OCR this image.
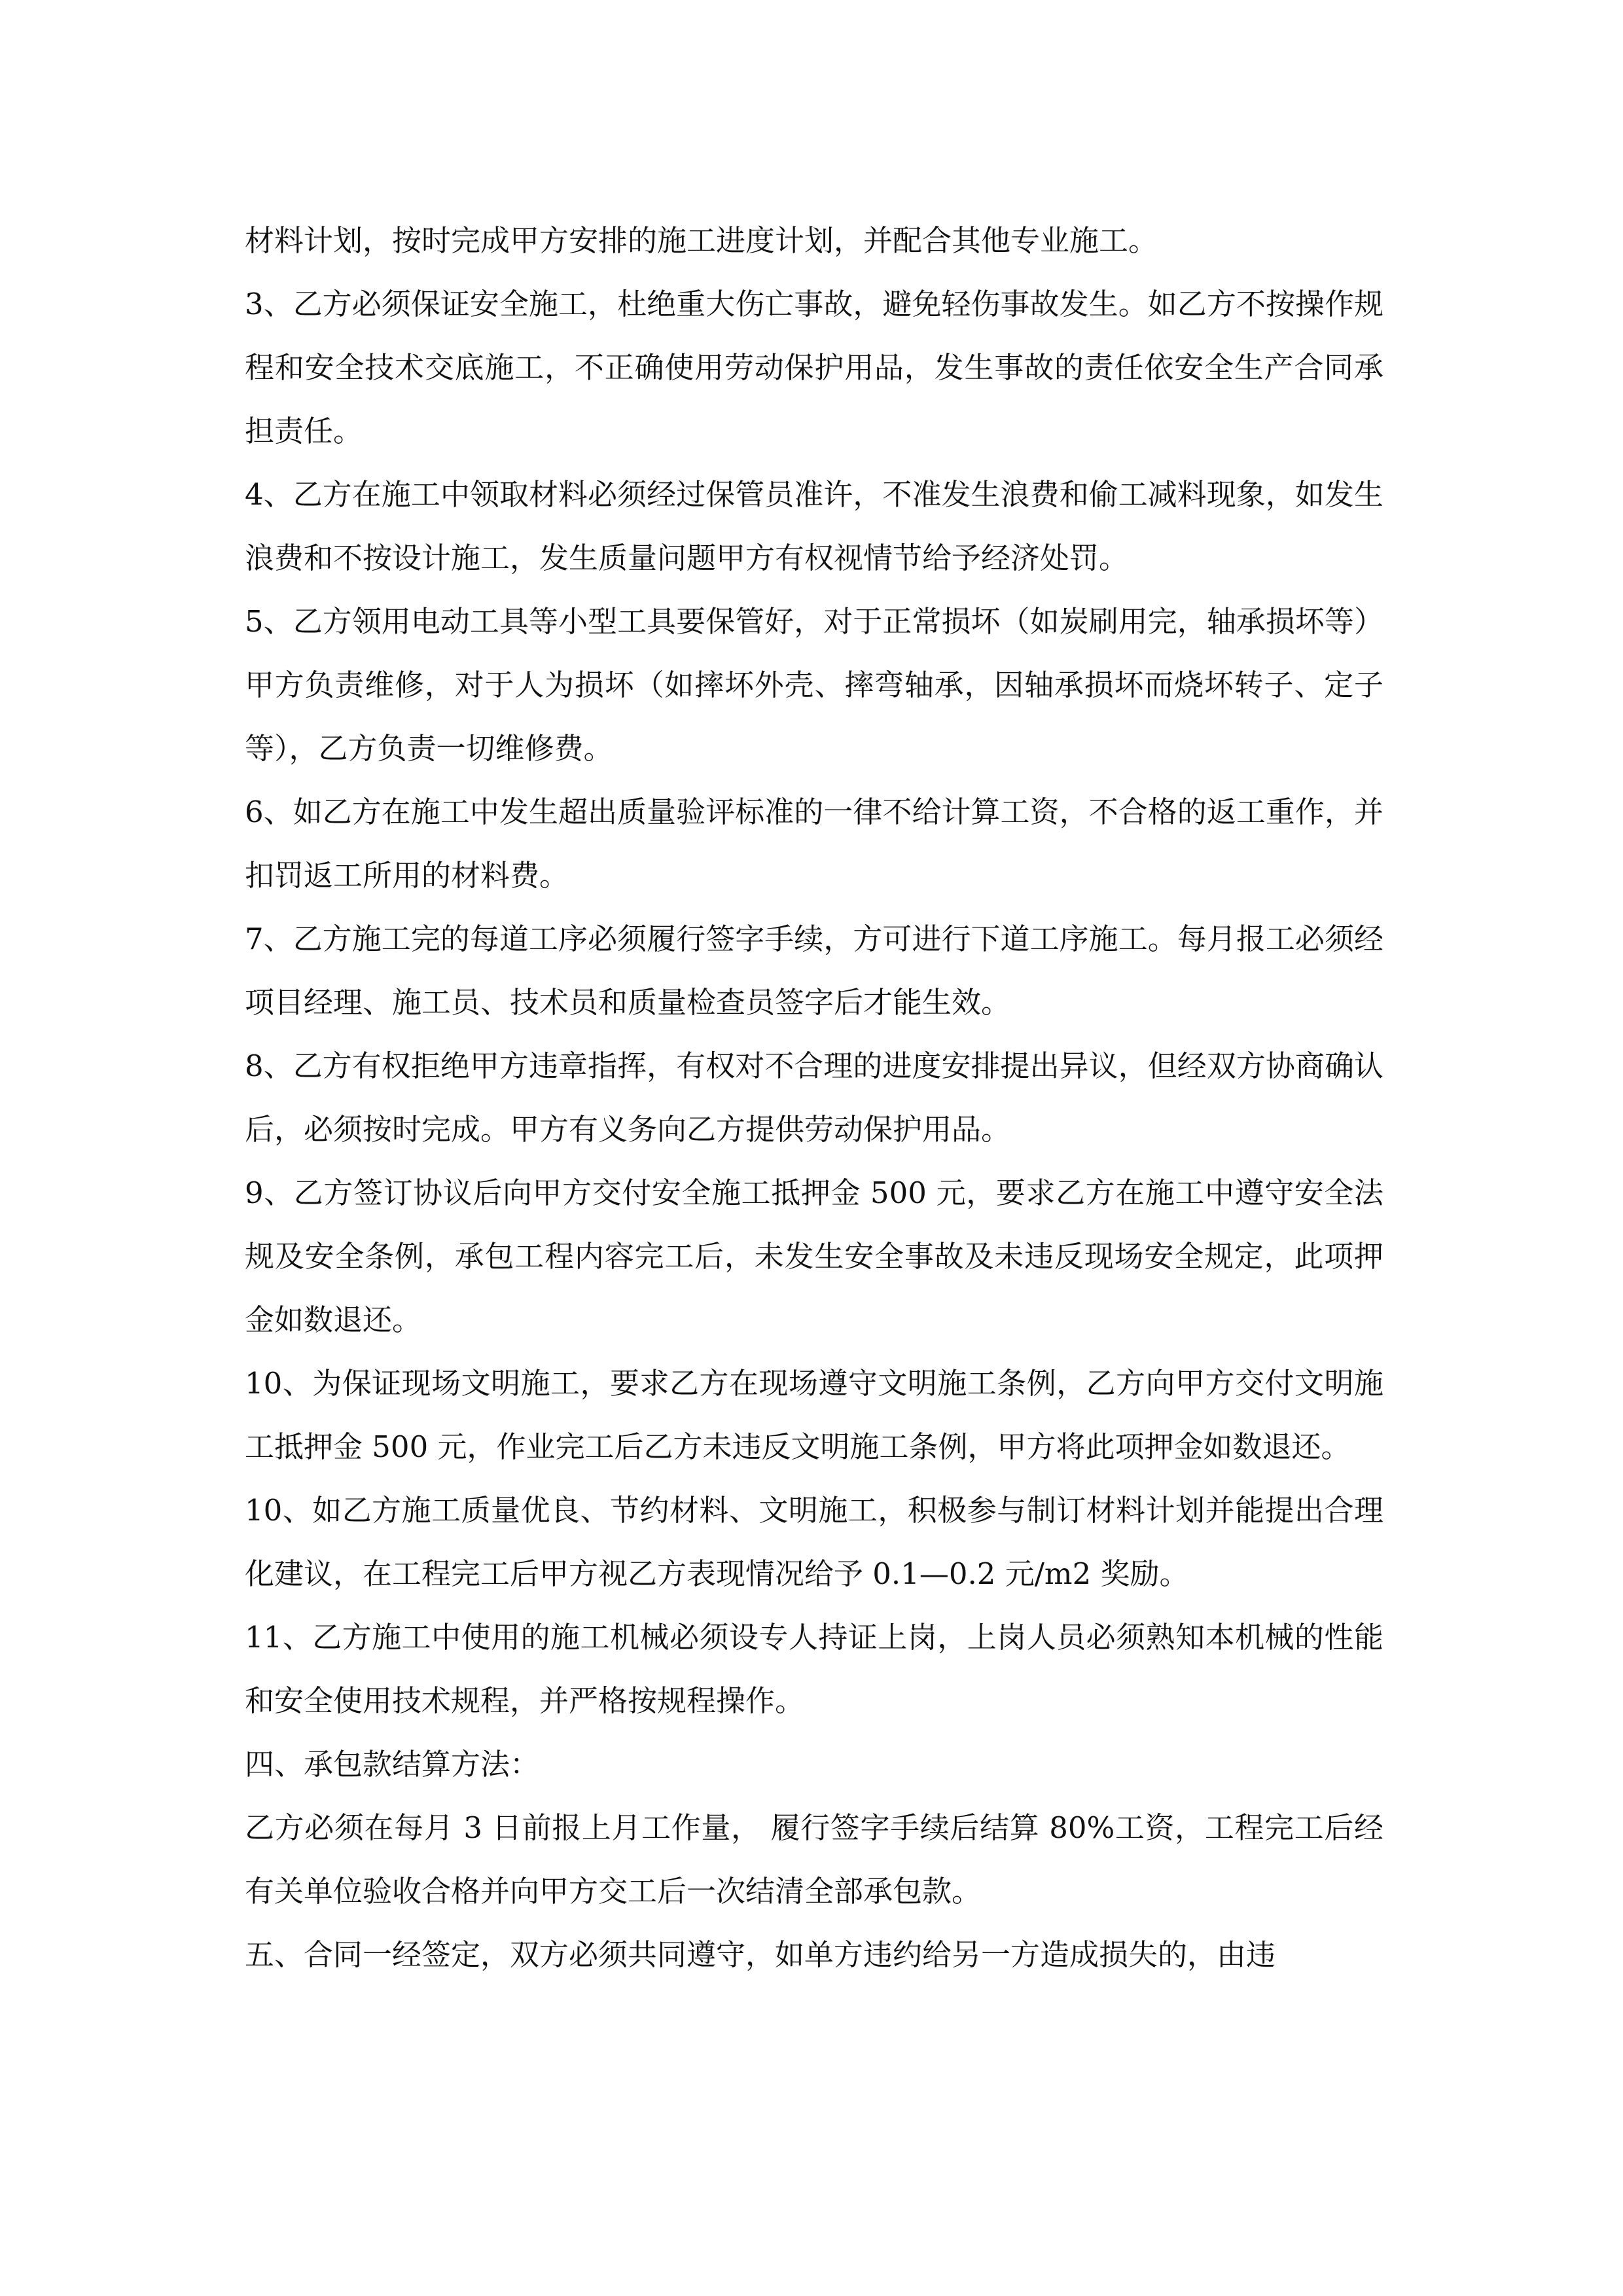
材料计划，按时完成甲方安排的施工进度计划，并配合其他专业施工。

3、乙方必须保证安全施工，杜绝重大伤亡事故，避免轻伤事故发生。如乙方不按操作规程和安全技术交底施工，不正确使用劳动保护用品，发生事故的责任依安全生产合同承担责任。

4、乙方在施工中领取材料必须经过保管员准许，不准发生浪费和偷工减料现象，如发生浪费和不按设计施工，发生质量问题甲方有权视情节给予经济处罚。

5、乙方领用电动工具等小型工具要保管好，对于正常损坏（如炭刷用完，轴承损坏等）甲方负责维修，对于人为损坏（如摔坏外壳、摔弯轴承，因轴承损坏而烧坏转子、定子等），乙方负责一切维修费。

6、如乙方在施工中发生超出质量验评标准的一律不给计算工资，不合格的返工重作，并扣罚返工所用的材料费。

7、乙方施工完的每道工序必须履行签字手续，方可进行下道工序施工。每月报工必须经项目经理、施工员、技术员和质量检查员签字后才能生效。

8、乙方有权拒绝甲方违章指挥，有权对不合理的进度安排提出异议，但经双方协商确认后，必须按时完成。甲方有义务向乙方提供劳动保护用品。

9、乙方签订协议后向甲方交付安全施工抵押金 500 元，要求乙方在施工中遵守安全法规及安全条例，承包工程内容完工后，未发生安全事故及未违反现场安全规定，此项押金如数退还。

10、为保证现场文明施工，要求乙方在现场遵守文明施工条例，乙方向甲方交付文明施工抵押金 500 元，作业完工后乙方未违反文明施工条例，甲方将此项押金如数退还。

10、如乙方施工质量优良、节约材料、文明施工，积极参与制订材料计划并能提出合理化建议，在工程完工后甲方视乙方表现情况给予 0.1—0.2 元/m2 奖励。

11、乙方施工中使用的施工机械必须设专人持证上岗，上岗人员必须熟知本机械的性能和安全使用技术规程，并严格按规程操作。

四、承包款结算方法：

乙方必须在每月 3 日前报上月工作量， 履行签字手续后结算 80%工资，工程完工后经有关单位验收合格并向甲方交工后一次结清全部承包款。

五、合同一经签定，双方必须共同遵守，如单方违约给另一方造成损失的，由违
